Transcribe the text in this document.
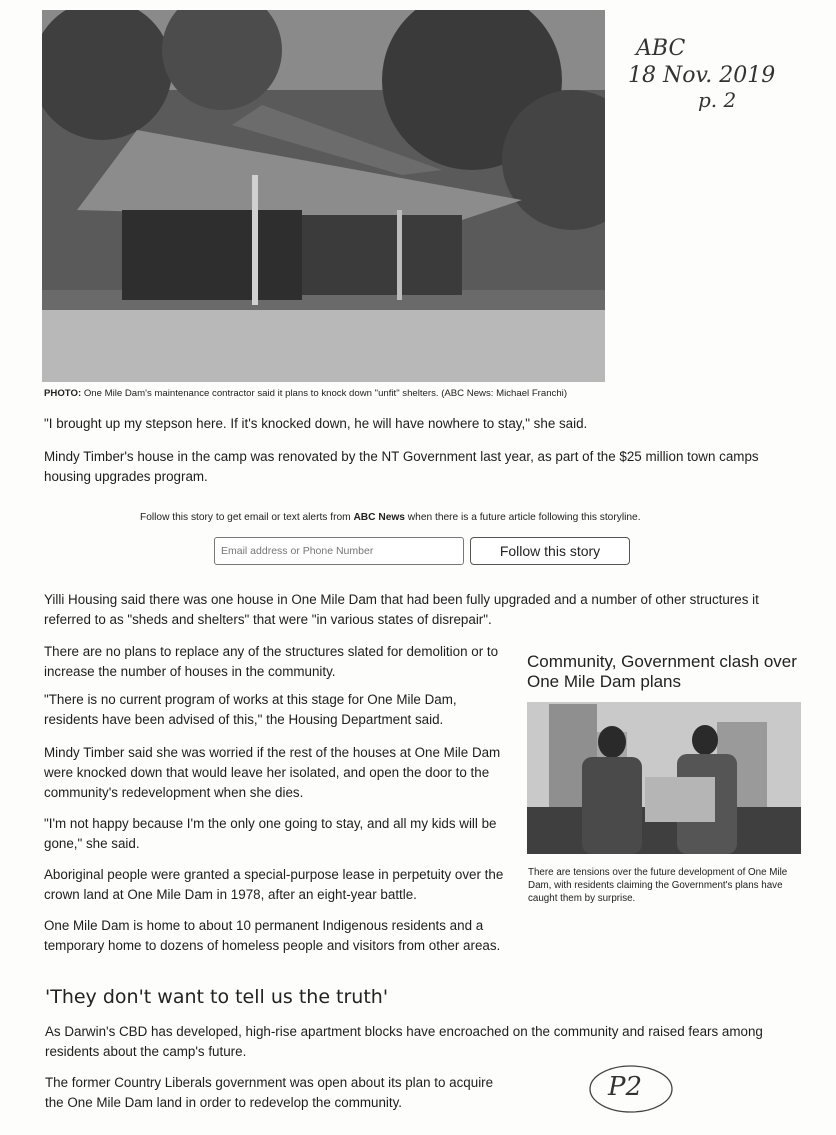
ABC
18 Nov. 2019
p. 2
PHOTO: One Mile Dam's maintenance contractor said it plans to knock down "unfit" shelters. (ABC News: Michael Franchi)
"I brought up my stepson here. If it's knocked down, he will have nowhere to stay," she said.
Mindy Timber's house in the camp was renovated by the NT Government last year, as part of the $25 million town camps housing upgrades program.
Follow this story to get email or text alerts from ABC News when there is a future article following this storyline.
Email address or Phone Number
Follow this story
Yilli Housing said there was one house in One Mile Dam that had been fully upgraded and a number of other structures it referred to as "sheds and shelters" that were "in various states of disrepair".
There are no plans to replace any of the structures slated for demolition or to increase the number of houses in the community.
"There is no current program of works at this stage for One Mile Dam, residents have been advised of this," the Housing Department said.
Mindy Timber said she was worried if the rest of the houses at One Mile Dam were knocked down that would leave her isolated, and open the door to the community's redevelopment when she dies.
"I'm not happy because I'm the only one going to stay, and all my kids will be gone," she said.
Aboriginal people were granted a special-purpose lease in perpetuity over the crown land at One Mile Dam in 1978, after an eight-year battle.
One Mile Dam is home to about 10 permanent Indigenous residents and a temporary home to dozens of homeless people and visitors from other areas.
Community, Government clash over One Mile Dam plans
There are tensions over the future development of One Mile Dam, with residents claiming the Government's plans have caught them by surprise.
'They don't want to tell us the truth'
As Darwin's CBD has developed, high-rise apartment blocks have encroached on the community and raised fears among residents about the camp's future.
The former Country Liberals government was open about its plan to acquire the One Mile Dam land in order to redevelop the community.
P2
